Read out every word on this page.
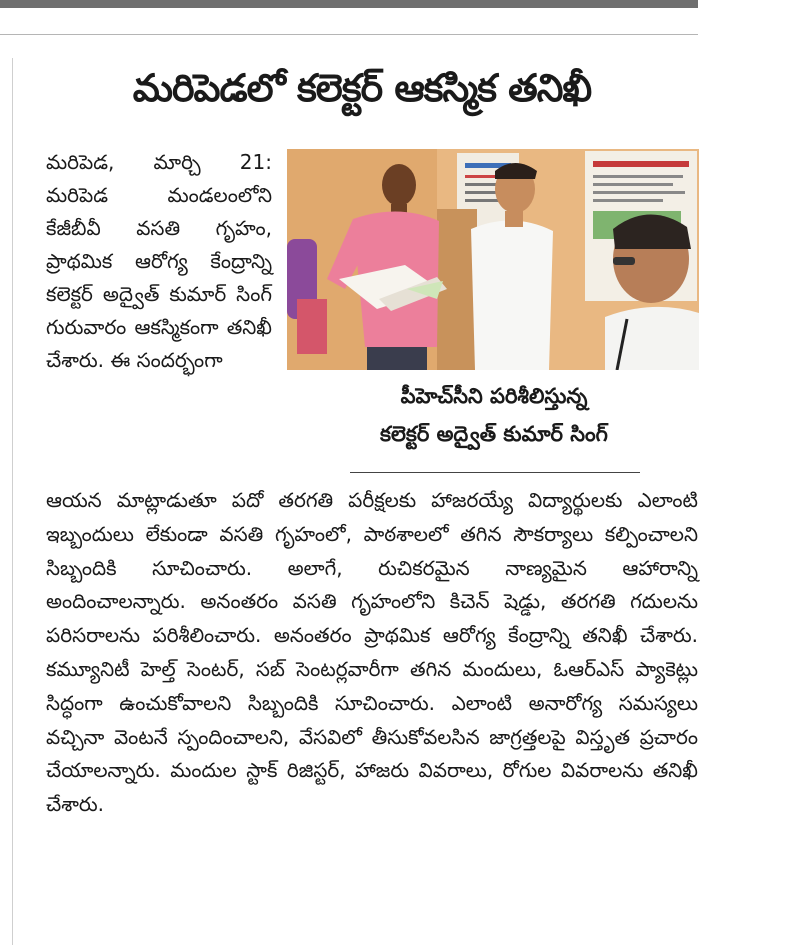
మరిపెడలో కలెక్టర్ ఆకస్మిక తనిఖీ

మరిపెడ, మార్చి 21: మరిపెడ మండలంలోని కేజీబీవీ వసతి గృహం, ప్రాథమిక ఆరోగ్య కేంద్రాన్ని కలెక్టర్ అద్వైత్ కుమార్ సింగ్ గురువారం ఆకస్మికంగా తనిఖీ చేశారు. ఈ సందర్భంగా

పీహెచ్‌సీని పరిశీలిస్తున్న
కలెక్టర్ అద్వైత్ కుమార్ సింగ్

ఆయన మాట్లాడుతూ పదో తరగతి పరీక్షలకు హాజరయ్యే విద్యార్థులకు ఎలాంటి ఇబ్బందులు లేకుండా వసతి గృహంలో, పాఠశాలలో తగిన సౌకర్యాలు కల్పించాలని సిబ్బందికి సూచించారు. అలాగే, రుచికరమైన నాణ్యమైన ఆహారాన్ని అందించాలన్నారు. అనంతరం వసతి గృహంలోని కిచెన్ షెడ్డు, తరగతి గదులను పరిసరాలను పరిశీలించారు. అనంతరం ప్రాథమిక ఆరోగ్య కేంద్రాన్ని తనిఖీ చేశారు. కమ్యూనిటీ హెల్త్ సెంటర్, సబ్ సెంటర్లవారీగా తగిన మందులు, ఓఆర్ఎస్ ప్యాకెట్లు సిద్ధంగా ఉంచుకోవాలని సిబ్బందికి సూచించారు. ఎలాంటి అనారోగ్య సమస్యలు వచ్చినా వెంటనే స్పందించాలని, వేసవిలో తీసుకోవలసిన జాగ్రత్తలపై విస్తృత ప్రచారం చేయాలన్నారు. మందుల స్టాక్ రిజిస్టర్, హాజరు వివరాలు, రోగుల వివరాలను తనిఖీ చేశారు.
